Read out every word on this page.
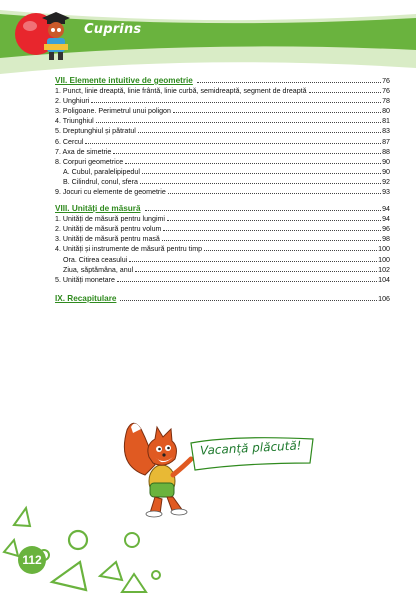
Cuprins
VII. Elemente intuitive de geometrie	76
1. Punct, linie dreaptă, linie frântă, linie curbă, semidreaptă, segment de dreaptă	76
2. Unghiuri	78
3. Poligoane. Perimetrul unui poligon	80
4. Triunghiul	81
5. Dreptunghiul și pătratul	83
6. Cercul	87
7. Axa de simetrie	88
8. Corpuri geometrice	90
A. Cubul, paralelipipedul	90
B. Cilindrul, conul, sfera	92
9. Jocuri cu elemente de geometrie	93
VIII. Unități de măsură	94
1. Unități de măsură pentru lungimi	94
2. Unități de măsură pentru volum	96
3. Unități de măsură pentru masă	98
4. Unități și instrumente de măsură pentru timp	100
Ora. Citirea ceasului	100
Ziua, săptămâna, anul	102
5. Unități monetare	104
IX. Recapitulare	106
Vacanță plăcută!
112
